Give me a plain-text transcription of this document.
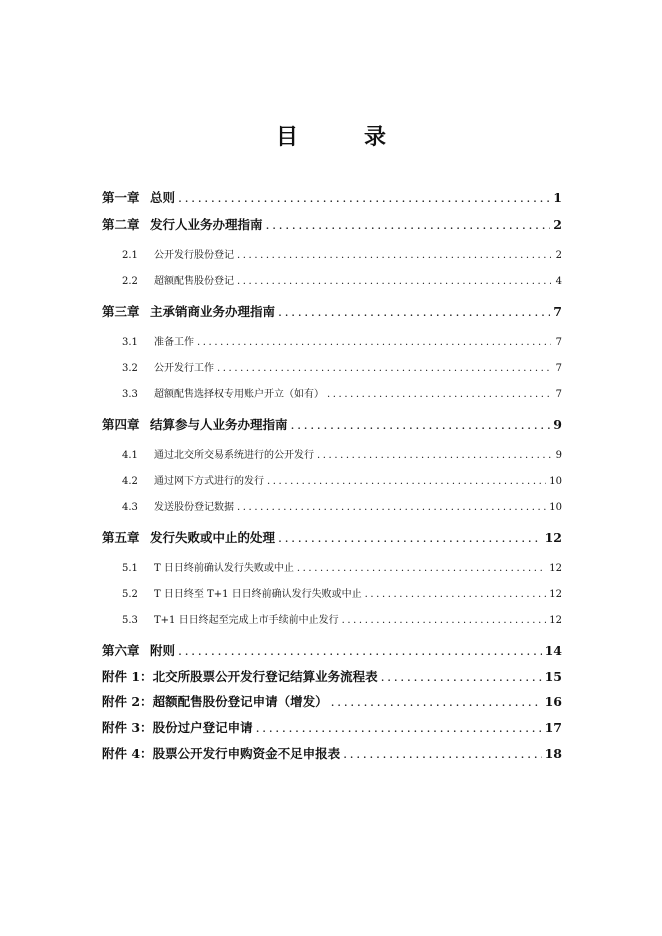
目　录
第一章 总则 .....	1
第二章 发行人业务办理指南 .....	2
2.1	公开发行股份登记 .....	2
2.2	超额配售股份登记 .....	4
第三章 主承销商业务办理指南 .....	7
3.1	准备工作 .....	7
3.2	公开发行工作 .....	7
3.3	超额配售选择权专用账户开立（如有） .....	7
第四章 结算参与人业务办理指南 .....	9
4.1	通过北交所交易系统进行的公开发行 .....	9
4.2	通过网下方式进行的发行 .....	10
4.3	发送股份登记数据 .....	10
第五章 发行失败或中止的处理 .....	12
5.1	T 日日终前确认发行失败或中止 .....	12
5.2	T 日日终至 T+1 日日终前确认发行失败或中止 .....	12
5.3	T+1 日日终起至完成上市手续前中止发行 .....	12
第六章 附则 .....	14
附件 1： 北交所股票公开发行登记结算业务流程表 .....	15
附件 2： 超额配售股份登记申请（增发） .....	16
附件 3： 股份过户登记申请 .....	17
附件 4： 股票公开发行申购资金不足申报表 .....	18
